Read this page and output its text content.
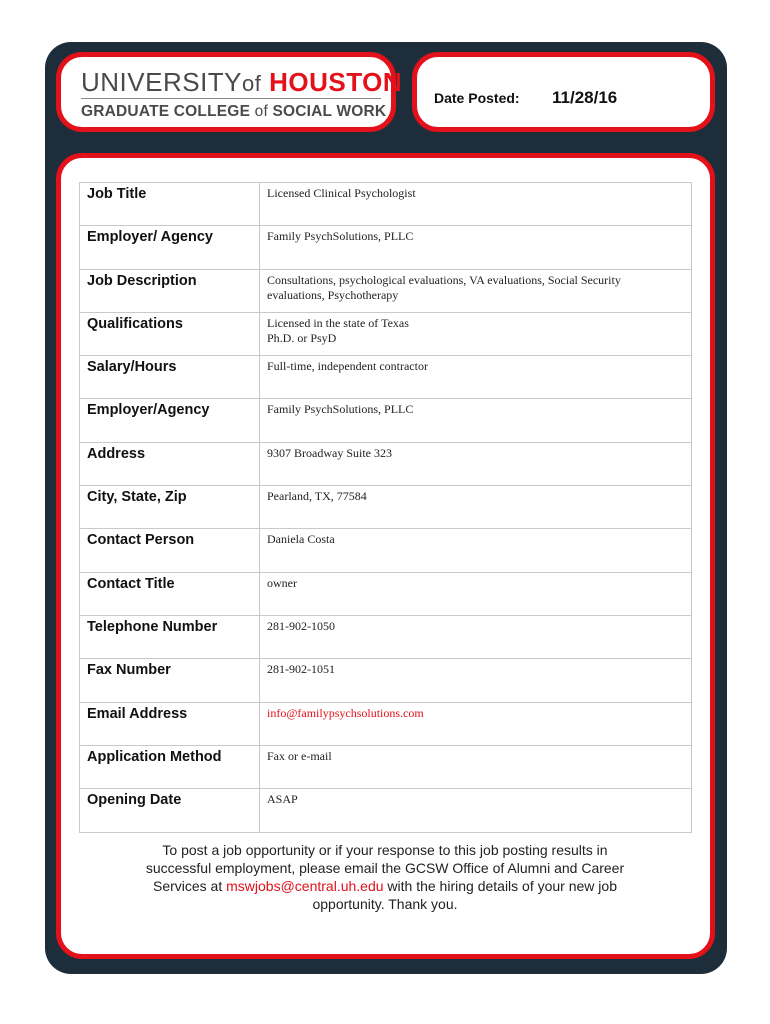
UNIVERSITYof HOUSTON
GRADUATE COLLEGE of SOCIAL WORK
Date Posted: 11/28/16
Job Title	Licensed Clinical Psychologist
Employer/ Agency	Family PsychSolutions, PLLC
Job Description	Consultations, psychological evaluations, VA evaluations, Social Security
evaluations, Psychotherapy
Qualifications	Licensed in the state of Texas
Ph.D. or PsyD
Salary/Hours	Full-time, independent contractor
Employer/Agency	Family PsychSolutions, PLLC
Address	9307 Broadway Suite 323
City, State, Zip	Pearland, TX, 77584
Contact Person	Daniela Costa
Contact Title	owner
Telephone Number	281-902-1050
Fax Number	281-902-1051
Email Address	info@familypsychsolutions.com
Application Method	Fax or e-mail
Opening Date	ASAP
To post a job opportunity or if your response to this job posting results in
successful employment, please email the GCSW Office of Alumni and Career
Services at mswjobs@central.uh.edu with the hiring details of your new job
opportunity. Thank you.
